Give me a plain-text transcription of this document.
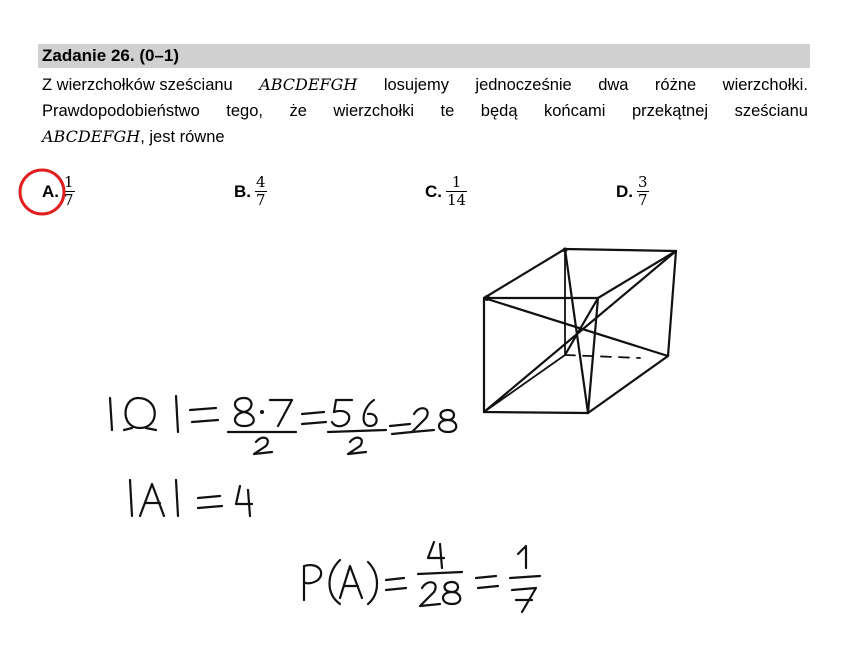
Zadanie 26. (0–1)
Z wierzchołków sześcianu ABCDEFGH losujemy jednocześnie dwa różne wierzchołki.
Prawdopodobieństwo tego, że wierzchołki te będą końcami przekątnej sześcianu
ABCDEFGH, jest równe
A. $\frac{1}{7}$	B. $\frac{4}{7}$	C. $\frac{1}{14}$	D. $\frac{3}{7}$
